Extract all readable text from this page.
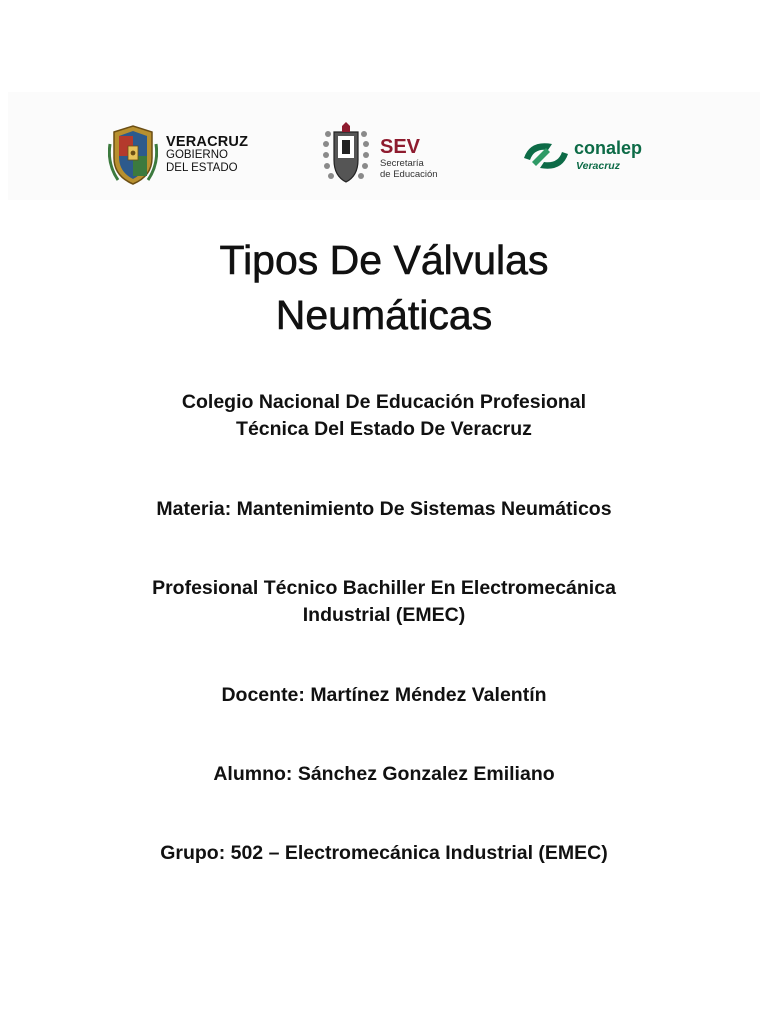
VERACRUZ
GOBIERNO
DEL ESTADO
SEV
Secretaría
de Educación
conalep
Veracruz
Tipos De Válvulas
Neumáticas

Colegio Nacional De Educación Profesional
Técnica Del Estado De Veracruz

Materia: Mantenimiento De Sistemas Neumáticos

Profesional Técnico Bachiller En Electromecánica
Industrial (EMEC)

Docente: Martínez Méndez Valentín

Alumno: Sánchez Gonzalez Emiliano

Grupo: 502 – Electromecánica Industrial (EMEC)
